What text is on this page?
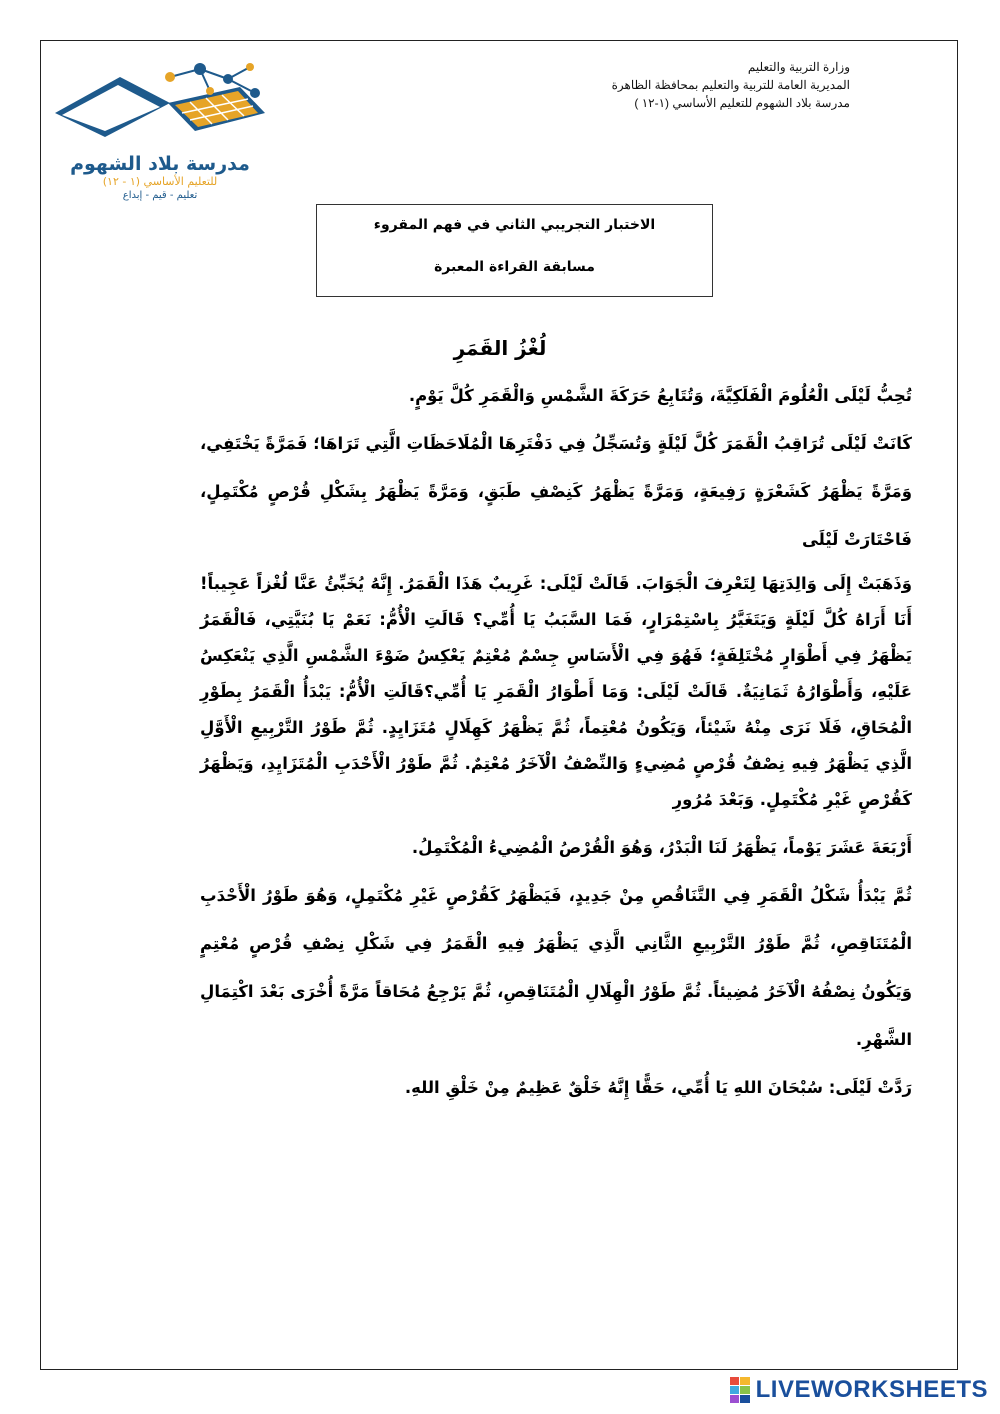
وزارة التربية والتعليم
المديرية العامة للتربية والتعليم بمحافظة الظاهرة
مدرسة بلاد الشهوم للتعليم الأساسي (١-١٢ )
مدرسة بلاد الشهوم
للتعليم الأساسي (١ - ١٢)
تعليم - قيم - إبداع
الاختبار التجريبي الثاني في فهم المقروء
مسابقة القراءة المعبرة
لُغْزُ القَمَرِ

تُحِبُّ لَيْلَى الْعُلُومَ الْفَلَكِيَّةَ، وَتُتَابِعُ حَرَكَةَ الشَّمْسِ وَالْقَمَرِ كُلَّ يَوْمٍ.

كَانَتْ لَيْلَى تُرَاقِبُ الْقَمَرَ كُلَّ لَيْلَةٍ وَتُسَجِّلُ فِي دَفْتَرِهَا الْمُلَاحَظَاتِ الَّتِي تَرَاهَا؛ فَمَرَّةً يَخْتَفِي، وَمَرَّةً يَظْهَرُ كَشَعْرَةٍ رَفِيعَةٍ، وَمَرَّةً يَظْهَرُ كَنِصْفِ طَبَقٍ، وَمَرَّةً يَظْهَرُ بِشَكْلِ قُرْصٍ مُكْتَمِلٍ، فَاحْتَارَتْ لَيْلَى

وَذَهَبَتْ إِلَى وَالِدَتِهَا لِتَعْرِفَ الْجَوَابَ. قَالَتْ لَيْلَى: غَرِيبٌ هَذَا الْقَمَرُ. إِنَّهُ يُخَبِّئُ عَنَّا لُغْزاً عَجِيباً! أَنَا أَرَاهُ كُلَّ لَيْلَةٍ وَيَتَغَيَّرُ بِاسْتِمْرَارٍ، فَمَا السَّبَبُ يَا أُمِّي؟ قَالَتِ الْأُمُّ: نَعَمْ يَا بُنَيَّتِي، فَالْقَمَرُ يَظْهَرُ فِي أَطْوَارٍ مُخْتَلِفَةٍ؛ فَهُوَ فِي الْأَسَاسِ جِسْمٌ مُعْتِمٌ يَعْكِسُ ضَوْءَ الشَّمْسِ الَّذِي يَنْعَكِسُ عَلَيْهِ، وَأَطْوَارُهُ ثَمَانِيَةٌ. قَالَتْ لَيْلَى: وَمَا أَطْوَارُ الْقَمَرِ يَا أُمِّي؟قَالَتِ الْأُمُّ: يَبْدَأُ الْقَمَرُ بِطَوْرِ الْمُحَاقِ، فَلَا نَرَى مِنْهُ شَيْئاً، وَيَكُونُ مُعْتِماً، ثُمَّ يَظْهَرُ كَهِلَالٍ مُتَزَايِدٍ. ثُمَّ طَوْرُ التَّرْبِيعِ الْأَوَّلِ الَّذِي يَظْهَرُ فِيهِ نِصْفُ قُرْصٍ مُضِيءٍ وَالنِّصْفُ الْآخَرُ مُعْتِمٌ. ثُمَّ طَوْرُ الْأَحْدَبِ الْمُتَزَايِدِ، وَيَظْهَرُ كَقُرْصٍ غَيْرِ مُكْتَمِلٍ. وَبَعْدَ مُرُورِ

أَرْبَعَةَ عَشَرَ يَوْماً، يَظْهَرُ لَنَا الْبَدْرُ، وَهُوَ الْقُرْصُ الْمُضِيءُ الْمُكْتَمِلُ.

ثُمَّ يَبْدَأُ شَكْلُ الْقَمَرِ فِي التَّنَاقُصِ مِنْ جَدِيدٍ، فَيَظْهَرُ كَقُرْصٍ غَيْرِ مُكْتَمِلٍ، وَهُوَ طَوْرُ الْأَحْدَبِ الْمُتَنَاقِصِ، ثُمَّ طَوْرُ التَّرْبِيعِ الثَّانِي الَّذِي يَظْهَرُ فِيهِ الْقَمَرُ فِي شَكْلِ نِصْفِ قُرْصٍ مُعْتِمٍ وَيَكُونُ نِصْفُهُ الْآخَرُ مُضِيئاً. ثُمَّ طَوْرُ الْهِلَالِ الْمُتَنَاقِصِ، ثُمَّ يَرْجِعُ مُحَاقاً مَرَّةً أُخْرَى بَعْدَ اكْتِمَالِ الشَّهْرِ.

رَدَّتْ لَيْلَى: سُبْحَانَ اللهِ يَا أُمِّي، حَقًّا إِنَّهُ خَلْقٌ عَظِيمٌ مِنْ خَلْقِ اللهِ.

LIVEWORKSHEETS
